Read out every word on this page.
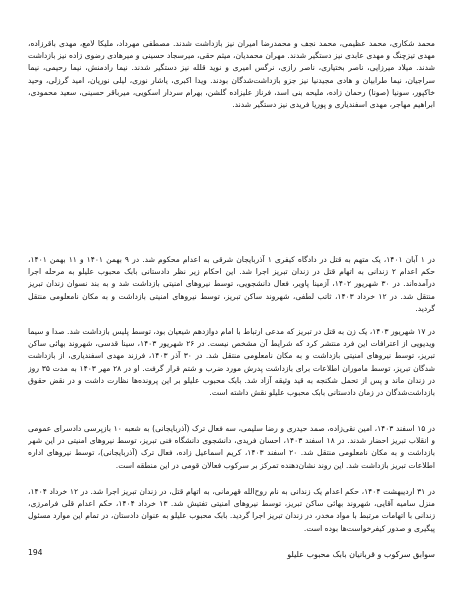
محمد شکاری، محمد عظیمی، محمد نجف و محمدرضا امیران نیز بازداشت شدند. مصطفی مهرداد، ملیکا لامع، مهدی باقرزاده، مهدی تیزچنگ و مهدی عابدی نیز دستگیر شدند. مهران محمدیان، میثم حقی، میرسجاد حسینی و میرهادی رضوی زاده نیز بازداشت شدند. میلاد میرزایی، ناصر بختیاری، ناصر رازی، نرگس امیری و نوید قلله نیز دستگیر شدند. نیما رادمنش، نیما رحیمی، نیما سراجیان، نیما طرابیان و هادی مجیدنیا نیز جزو بازداشت‌شدگان بودند. ویدا اکبری، یاشار نوری، لیلی نوریان، امید گرزلی، وحید خاکپور، سونیا (صونا) رحمان زاده، ملیحه بنی اسد، فرناز علیزاده گلشن، بهرام سردار اسکویی، میرباقر حسینی، سعید محمودی، ابراهیم مهاجر، مهدی اسفندیاری و پوریا فریدی نیز دستگیر شدند.

در ۱ آبان ۱۴۰۱، یک متهم به قتل در دادگاه کیفری ۱ آذربایجان شرقی به اعدام محکوم شد. در ۹ بهمن ۱۴۰۱ و ۱۱ بهمن ۱۴۰۱، حکم اعدام ۲ زندانی به اتهام قتل در زندان تبریز اجرا شد. این احکام زیر نظر دادستانی بابک محبوب علیلو به مرحله اجرا درآمده‌اند. در ۳۰ شهریور ۱۴۰۲، آزمینا پاویر، فعال دانشجویی، توسط نیروهای امنیتی بازداشت شد و به بند نسوان زندان تبریز منتقل شد. در ۱۲ خرداد ۱۴۰۳، ثاتب لطفی، شهروند ساکن تبریز، توسط نیروهای امنیتی بازداشت و به مکان نامعلومی منتقل گردید.

در ۱۷ شهریور ۱۴۰۳، یک زن به قتل در تبریز که مدعی ارتباط با امام دوازدهم شیعیان بود، توسط پلیس بازداشت شد. صدا و سیما ویدیویی از اعترافات این فرد منتشر کرد که شرایط آن مشخص نیست. در ۲۶ شهریور ۱۴۰۳، سینا قدسی، شهروند بهائی ساکن تبریز، توسط نیروهای امنیتی بازداشت و به مکان نامعلومی منتقل شد. در ۳۰ آذر ۱۴۰۳، فرزند مهدی اسفندیاری، از بازداشت شدگان تبریز، توسط ماموران اطلاعات برای بازداشت پدرش مورد ضرب و شتم قرار گرفت. او در ۲۸ مهر ۱۴۰۳ به مدت ۳۵ روز در زندان ماند و پس از تحمل شکنجه به قید وثیقه آزاد شد. بابک محبوب علیلو بر این پرونده‌ها نظارت داشت و در نقض حقوق بازداشت‌شدگان در زمان دادستانی بابک محبوب علیلو نقش داشته است.

در ۱۵ اسفند ۱۴۰۳، امین نقی‌زاده، صمد حیدری و رضا سلیمی، سه فعال ترک (آذربایجانی) به شعبه ۱۰ بازپرسی دادسرای عمومی و انقلاب تبریز احضار شدند. در ۱۸ اسفند ۱۴۰۳، احسان فریدی، دانشجوی دانشگاه فنی تبریز، توسط نیروهای امنیتی در این شهر بازداشت و به مکان نامعلومی منتقل شد. ۲۰ اسفند ۱۴۰۳، کریم اسماعیل زاده، فعال ترک (آذربایجانی)، توسط نیروهای اداره اطلاعات تبریز بازداشت شد. این روند نشان‌دهنده تمرکز بر سرکوب فعالان قومی در این منطقه است.

در ۳۱ اردیبهشت ۱۴۰۴، حکم اعدام یک زندانی به نام روح‌الله قهرمانی، به اتهام قتل، در زندان تبریز اجرا شد. در ۱۲ خرداد ۱۴۰۴، منزل سامیه آقایی، شهروند بهائی ساکن تبریز، توسط نیروهای امنیتی تفتیش شد. ۱۳ خرداد ۱۴۰۴، حکم اعدام قلی فرامرزی، زندانی با اتهامات مرتبط با مواد مخدر، در زندان تبریز اجرا گردید. بابک محبوب علیلو به عنوان دادستان، در تمام این موارد مسئول پیگیری و صدور کیفرخواست‌ها بوده است.

194	سوابق سرکوب و قربانیان بابک محبوب علیلو
